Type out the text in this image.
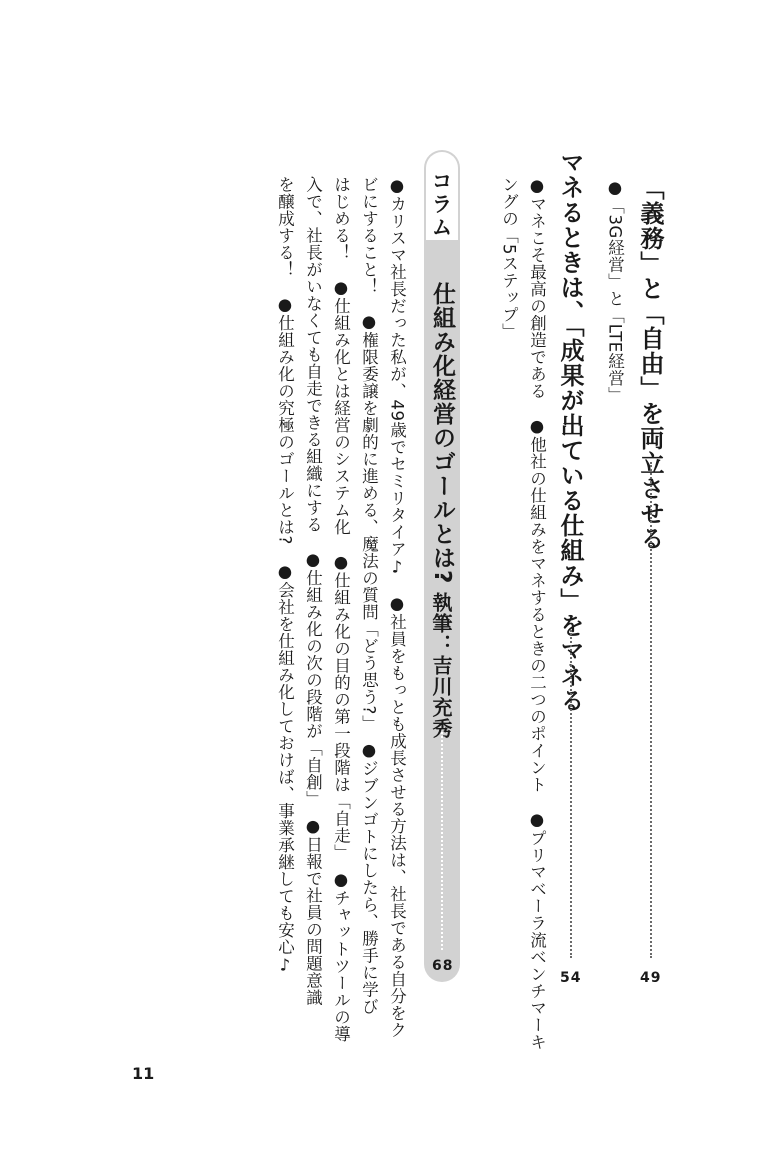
「義務」と「自由」を両立させる
49
●「3G経営」と「LTE経営」
マネるときは、「成果が出ている仕組み」をマネる
54
●マネこそ最高の創造である　●他社の仕組みをマネするときの二つのポイント　●プリマベーラ流ベンチマーキ
ングの「5ステップ」
コラム
仕組み化経営のゴールとは?
執筆：吉川充秀
68
●カリスマ社長だった私が、49歳でセミリタイア♪　●社員をもっとも成長させる方法は、社長である自分をク
ビにすること！　●権限委譲を劇的に進める、魔法の質問「どう思う?」　●ジブンゴトにしたら、勝手に学び
はじめる！　●仕組み化とは経営のシステム化　●仕組み化の目的の第一段階は「自走」　●チャットツールの導
入で、社長がいなくても自走できる組織にする　●仕組み化の次の段階が「自創」　●日報で社員の問題意識
を醸成する！　●仕組み化の究極のゴールとは?　●会社を仕組み化しておけば、事業承継しても安心♪
11
